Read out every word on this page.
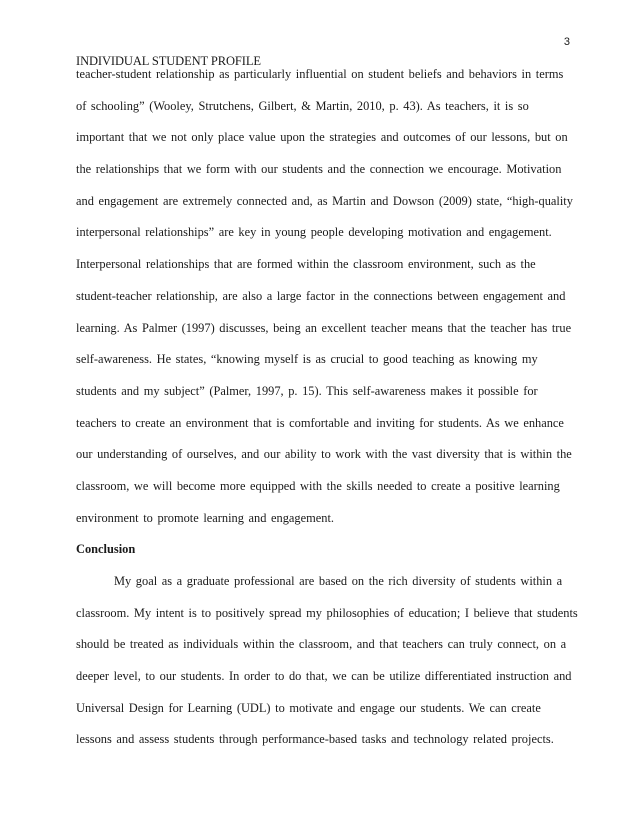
3
INDIVIDUAL STUDENT PROFILE
teacher-student relationship as particularly influential on student beliefs and behaviors in terms
of schooling” (Wooley, Strutchens, Gilbert, & Martin, 2010, p. 43). As teachers, it is so
important that we not only place value upon the strategies and outcomes of our lessons, but on
the relationships that we form with our students and the connection we encourage. Motivation
and engagement are extremely connected and, as Martin and Dowson (2009) state, “high-quality
interpersonal relationships” are key in young people developing motivation and engagement.
Interpersonal relationships that are formed within the classroom environment, such as the
student-teacher relationship, are also a large factor in the connections between engagement and
learning. As Palmer (1997) discusses, being an excellent teacher means that the teacher has true
self-awareness. He states, “knowing myself is as crucial to good teaching as knowing my
students and my subject” (Palmer, 1997, p. 15). This self-awareness makes it possible for
teachers to create an environment that is comfortable and inviting for students. As we enhance
our understanding of ourselves, and our ability to work with the vast diversity that is within the
classroom, we will become more equipped with the skills needed to create a positive learning
environment to promote learning and engagement.
Conclusion
My goal as a graduate professional are based on the rich diversity of students within a
classroom. My intent is to positively spread my philosophies of education; I believe that students
should be treated as individuals within the classroom, and that teachers can truly connect, on a
deeper level, to our students. In order to do that, we can be utilize differentiated instruction and
Universal Design for Learning (UDL) to motivate and engage our students. We can create
lessons and assess students through performance-based tasks and technology related projects.
